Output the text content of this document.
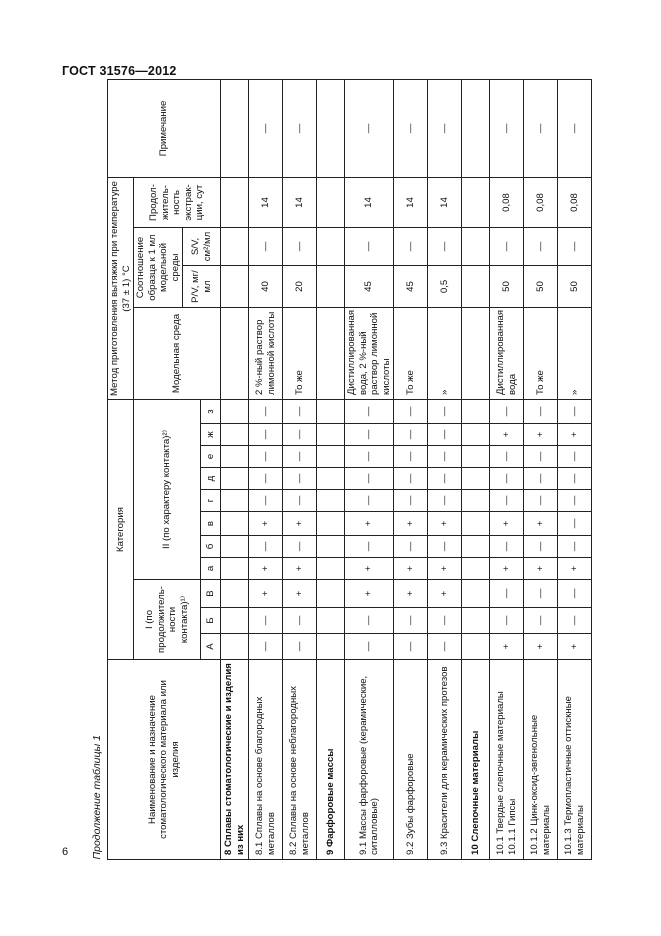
ГОСТ 31576—2012
6 Продолжение таблицы 1																
Наименование и назначение стоматологического материала или изделия	Категория											Метод приготовления вытяжки при температуре (37 ± 1) °С				Примечание
	I (по продолжитель-ности контакта)¹⁾			II (по характеру контакта)²⁾								Модельная среда	Соотношение образца к 1 мл модельной среды		Продол-житель-ность экстрак-ции, сут	
													P/V, мг/мл	S/V, см²/мл		
	А	Б	В	а	б	в	г	д	е	ж	з					
8 Сплавы стоматологические и изделия из них																
8.1 Сплавы на основе благородных металлов	—	—	+	+	—	+	—	—	—	—	—	2 %-ный раствор лимонной кислоты	40	—	14	—
8.2 Сплавы на основе неблагородных металлов	—	—	+	+	—	+	—	—	—	—	—	То же	20	—	14	—
9 Фарфоровые массы																
9.1 Массы фарфоровые (керамические, ситалловые)	—	—	+	+	—	+	—	—	—	—	—	Дистиллированная вода, 2 %-ный раствор лимонной кислоты	45	—	14	—
9.2 Зубы фарфоровые	—	—	+	+	—	+	—	—	—	—	—	То же	45	—	14	—
9.3 Красители для керамических протезов	—	—	+	+	—	+	—	—	—	—	—	»	0,5	—	14	—
10 Слепочные материалы																
10.1 Твердые слепочные материалы 10.1.1 Гипсы	+	—	—	+	—	+	—	—	—	+	—	Дистиллированная вода	50	—	0,08	—
10.1.2 Цинк-оксид-эвгенольные материалы	+	—	—	+	—	+	—	—	—	+	—	То же	50	—	0,08	—
10.1.3 Термопластичные оттискные материалы	+	—	—	+	—	—	—	—	—	+	—	»	50	—	0,08	—
